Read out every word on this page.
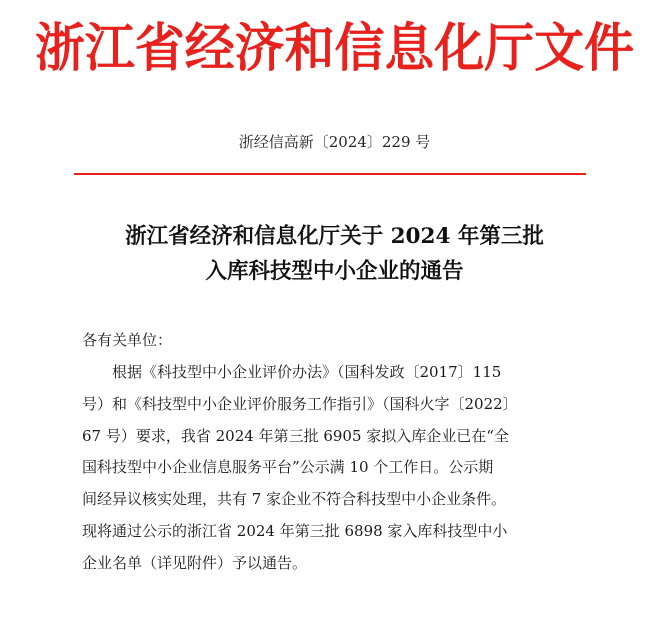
浙江省经济和信息化厅文件
浙经信高新〔2024〕229 号
浙江省经济和信息化厅关于 2024 年第三批
入库科技型中小企业的通告
各有关单位：
根据《科技型中小企业评价办法》（国科发政〔2017〕115
号）和《科技型中小企业评价服务工作指引》（国科火字〔2022〕
67 号）要求，我省 2024 年第三批 6905 家拟入库企业已在“全
国科技型中小企业信息服务平台”公示满 10 个工作日。公示期
间经异议核实处理，共有 7 家企业不符合科技型中小企业条件。
现将通过公示的浙江省 2024 年第三批 6898 家入库科技型中小
企业名单（详见附件）予以通告。
